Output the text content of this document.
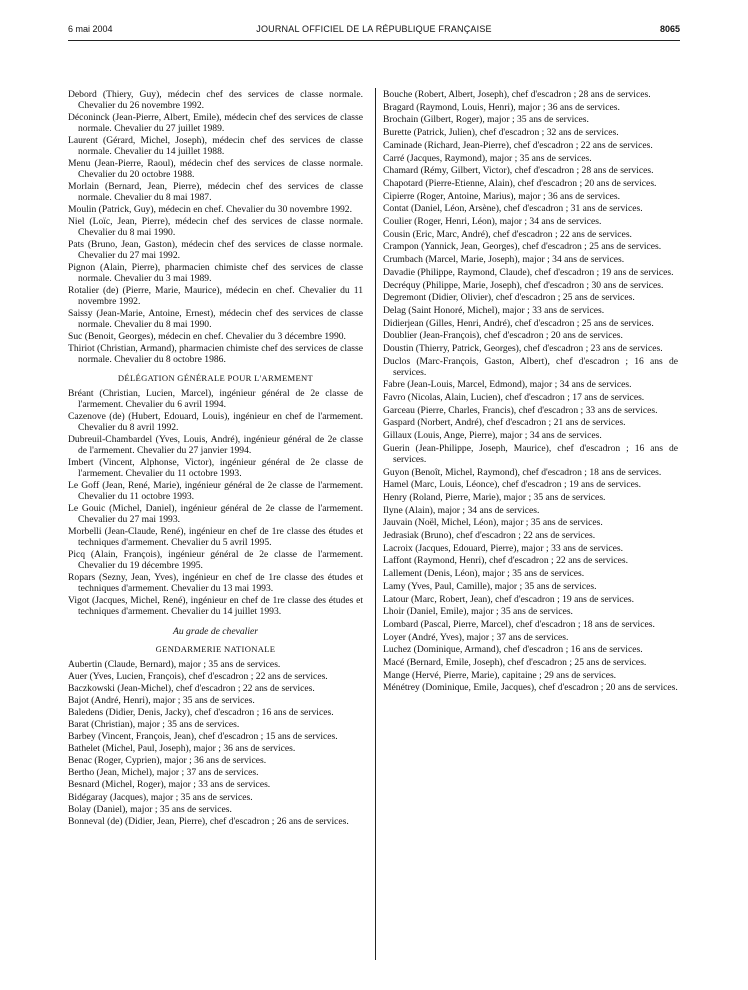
6 mai 2004	JOURNAL OFFICIEL DE LA RÉPUBLIQUE FRANÇAISE	8065

Debord (Thiery, Guy), médecin chef des services de classe normale. Chevalier du 26 novembre 1992.

Déconinck (Jean-Pierre, Albert, Emile), médecin chef des services de classe normale. Chevalier du 27 juillet 1989.

Laurent (Gérard, Michel, Joseph), médecin chef des services de classe normale. Chevalier du 14 juillet 1988.

Menu (Jean-Pierre, Raoul), médecin chef des services de classe normale. Chevalier du 20 octobre 1988.

Morlain (Bernard, Jean, Pierre), médecin chef des services de classe normale. Chevalier du 8 mai 1987.

Moulin (Patrick, Guy), médecin en chef. Chevalier du 30 novembre 1992.

Niel (Loïc, Jean, Pierre), médecin chef des services de classe normale. Chevalier du 8 mai 1990.

Pats (Bruno, Jean, Gaston), médecin chef des services de classe normale. Chevalier du 27 mai 1992.

Pignon (Alain, Pierre), pharmacien chimiste chef des services de classe normale. Chevalier du 3 mai 1989.

Rotalier (de) (Pierre, Marie, Maurice), médecin en chef. Chevalier du 11 novembre 1992.

Saissy (Jean-Marie, Antoine, Ernest), médecin chef des services de classe normale. Chevalier du 8 mai 1990.

Suc (Benoit, Georges), médecin en chef. Chevalier du 3 décembre 1990.

Thiriot (Christian, Armand), pharmacien chimiste chef des services de classe normale. Chevalier du 8 octobre 1986.

DÉLÉGATION GÉNÉRALE POUR L'ARMEMENT

Bréant (Christian, Lucien, Marcel), ingénieur général de 2e classe de l'armement. Chevalier du 6 avril 1994.

Cazenove (de) (Hubert, Edouard, Louis), ingénieur en chef de l'armement. Chevalier du 8 avril 1992.

Dubreuil-Chambardel (Yves, Louis, André), ingénieur général de 2e classe de l'armement. Chevalier du 27 janvier 1994.

Imbert (Vincent, Alphonse, Victor), ingénieur général de 2e classe de l'armement. Chevalier du 11 octobre 1993.

Le Goff (Jean, René, Marie), ingénieur général de 2e classe de l'armement. Chevalier du 11 octobre 1993.

Le Gouic (Michel, Daniel), ingénieur général de 2e classe de l'armement. Chevalier du 27 mai 1993.

Morbelli (Jean-Claude, René), ingénieur en chef de 1re classe des études et techniques d'armement. Chevalier du 5 avril 1995.

Picq (Alain, François), ingénieur général de 2e classe de l'armement. Chevalier du 19 décembre 1995.

Ropars (Sezny, Jean, Yves), ingénieur en chef de 1re classe des études et techniques d'armement. Chevalier du 13 mai 1993.

Vigot (Jacques, Michel, René), ingénieur en chef de 1re classe des études et techniques d'armement. Chevalier du 14 juillet 1993.

Au grade de chevalier
GENDARMERIE NATIONALE

Aubertin (Claude, Bernard), major ; 35 ans de services.

Auer (Yves, Lucien, François), chef d'escadron ; 22 ans de services.

Baczkowski (Jean-Michel), chef d'escadron ; 22 ans de services.

Bajot (André, Henri), major ; 35 ans de services.

Baledens (Didier, Denis, Jacky), chef d'escadron ; 16 ans de services.

Barat (Christian), major ; 35 ans de services.

Barbey (Vincent, François, Jean), chef d'escadron ; 15 ans de services.

Bathelet (Michel, Paul, Joseph), major ; 36 ans de services.

Benac (Roger, Cyprien), major ; 36 ans de services.

Bertho (Jean, Michel), major ; 37 ans de services.

Besnard (Michel, Roger), major ; 33 ans de services.

Bidégaray (Jacques), major ; 35 ans de services.

Bolay (Daniel), major ; 35 ans de services.

Bonneval (de) (Didier, Jean, Pierre), chef d'escadron ; 26 ans de services.

Bouche (Robert, Albert, Joseph), chef d'escadron ; 28 ans de services.

Bragard (Raymond, Louis, Henri), major ; 36 ans de services.

Brochain (Gilbert, Roger), major ; 35 ans de services.

Burette (Patrick, Julien), chef d'escadron ; 32 ans de services.

Caminade (Richard, Jean-Pierre), chef d'escadron ; 22 ans de services.

Carré (Jacques, Raymond), major ; 35 ans de services.

Chamard (Rémy, Gilbert, Victor), chef d'escadron ; 28 ans de services.

Chapotard (Pierre-Etienne, Alain), chef d'escadron ; 20 ans de services.

Cipierre (Roger, Antoine, Marius), major ; 36 ans de services.

Contat (Daniel, Léon, Arsène), chef d'escadron ; 31 ans de services.

Coulier (Roger, Henri, Léon), major ; 34 ans de services.

Cousin (Eric, Marc, André), chef d'escadron ; 22 ans de services.

Crampon (Yannick, Jean, Georges), chef d'escadron ; 25 ans de services.

Crumbach (Marcel, Marie, Joseph), major ; 34 ans de services.

Davadie (Philippe, Raymond, Claude), chef d'escadron ; 19 ans de services.

Decréquy (Philippe, Marie, Joseph), chef d'escadron ; 30 ans de services.

Degremont (Didier, Olivier), chef d'escadron ; 25 ans de services.

Delag (Saint Honoré, Michel), major ; 33 ans de services.

Didierjean (Gilles, Henri, André), chef d'escadron ; 25 ans de services.

Doublier (Jean-François), chef d'escadron ; 20 ans de services.

Doustin (Thierry, Patrick, Georges), chef d'escadron ; 23 ans de services.

Duclos (Marc-François, Gaston, Albert), chef d'escadron ; 16 ans de services.

Fabre (Jean-Louis, Marcel, Edmond), major ; 34 ans de services.

Favro (Nicolas, Alain, Lucien), chef d'escadron ; 17 ans de services.

Garceau (Pierre, Charles, Francis), chef d'escadron ; 33 ans de services.

Gaspard (Norbert, André), chef d'escadron ; 21 ans de services.

Gillaux (Louis, Ange, Pierre), major ; 34 ans de services.

Guerin (Jean-Philippe, Joseph, Maurice), chef d'escadron ; 16 ans de services.

Guyon (Benoît, Michel, Raymond), chef d'escadron ; 18 ans de services.

Hamel (Marc, Louis, Léonce), chef d'escadron ; 19 ans de services.

Henry (Roland, Pierre, Marie), major ; 35 ans de services.

Ilyne (Alain), major ; 34 ans de services.

Jauvain (Noël, Michel, Léon), major ; 35 ans de services.

Jedrasiak (Bruno), chef d'escadron ; 22 ans de services.

Lacroix (Jacques, Edouard, Pierre), major ; 33 ans de services.

Laffont (Raymond, Henri), chef d'escadron ; 22 ans de services.

Lallement (Denis, Léon), major ; 35 ans de services.

Lamy (Yves, Paul, Camille), major ; 35 ans de services.

Latour (Marc, Robert, Jean), chef d'escadron ; 19 ans de services.

Lhoir (Daniel, Emile), major ; 35 ans de services.

Lombard (Pascal, Pierre, Marcel), chef d'escadron ; 18 ans de services.

Loyer (André, Yves), major ; 37 ans de services.

Luchez (Dominique, Armand), chef d'escadron ; 16 ans de services.

Macé (Bernard, Emile, Joseph), chef d'escadron ; 25 ans de services.

Mange (Hervé, Pierre, Marie), capitaine ; 29 ans de services.

Ménétrey (Dominique, Emile, Jacques), chef d'escadron ; 20 ans de services.
